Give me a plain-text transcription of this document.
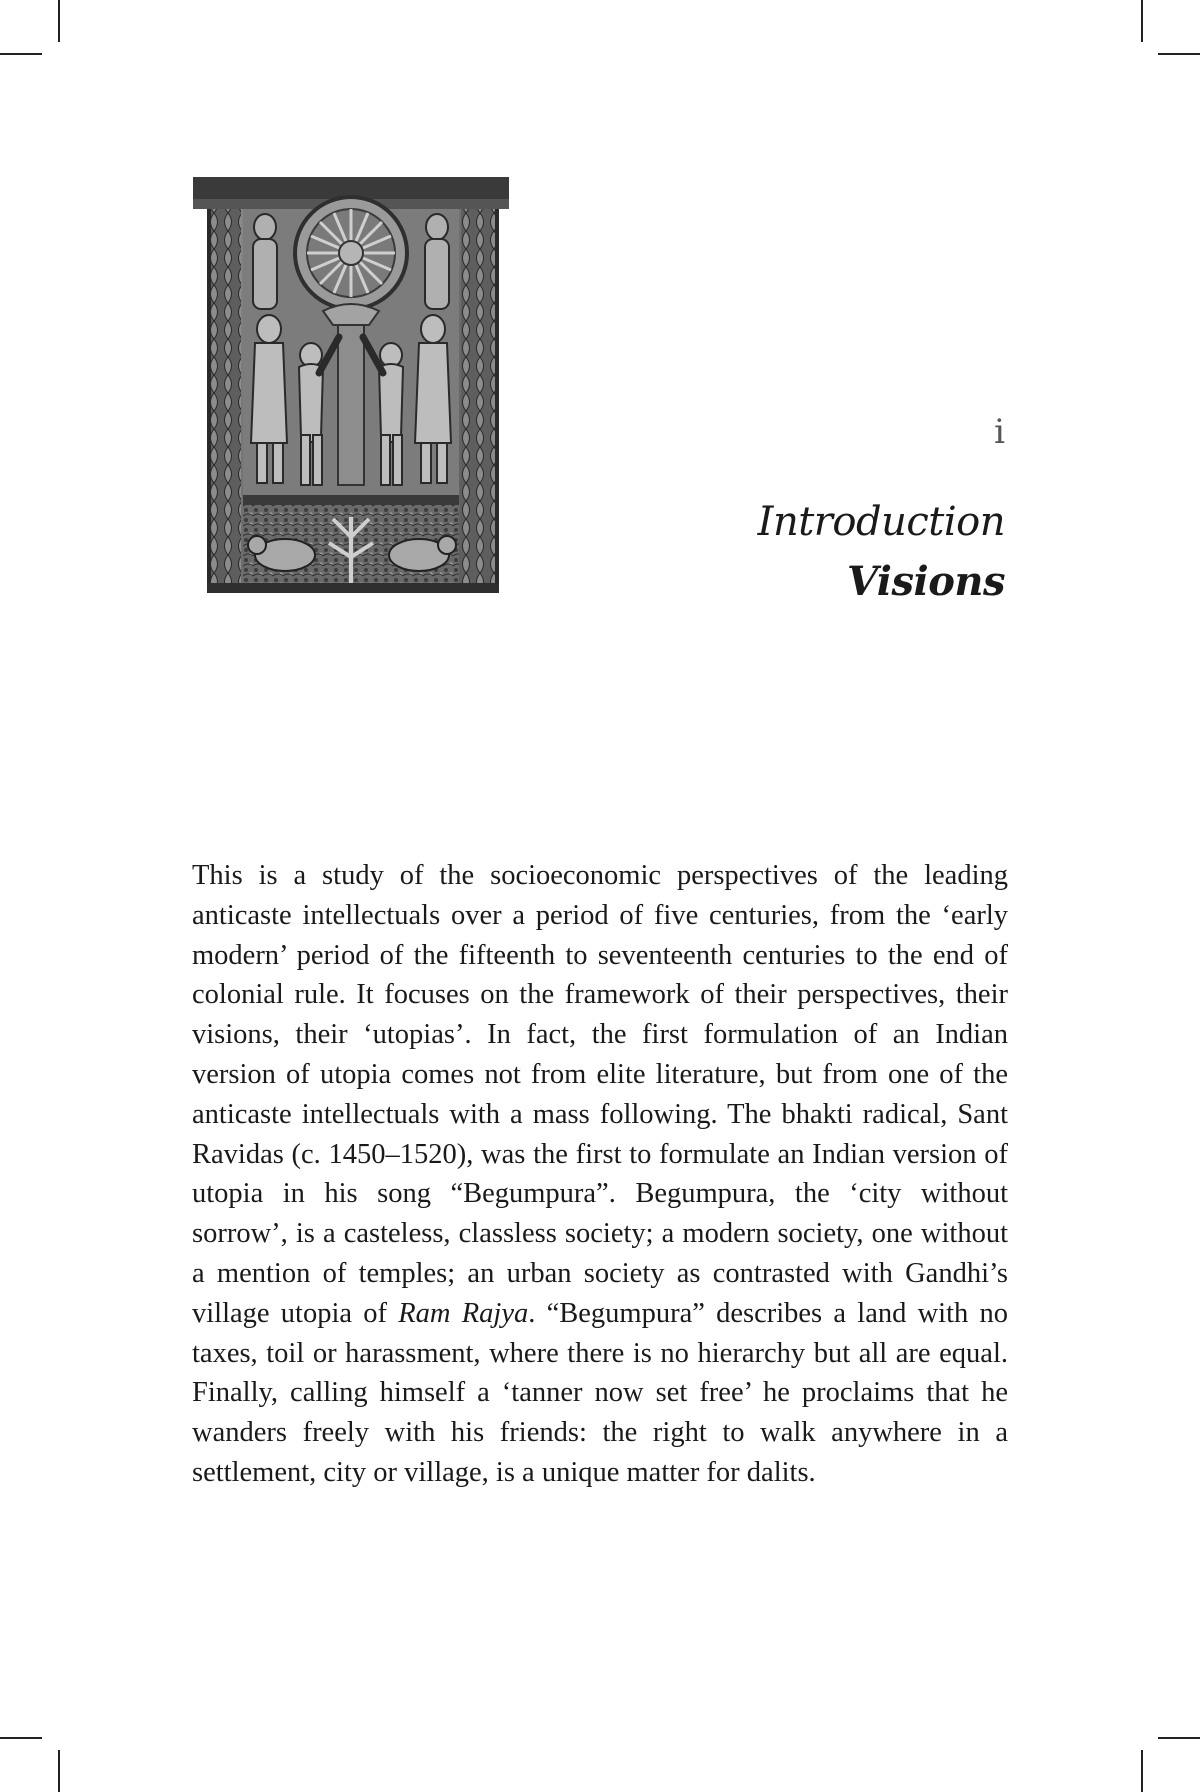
i
Introduction
Visions

This is a study of the socioeconomic perspectives of the leading anticaste intellectuals over a period of five centuries, from the ‘early modern’ period of the fifteenth to seventeenth centuries to the end of colonial rule. It focuses on the framework of their perspectives, their visions, their ‘utopias’. In fact, the first formulation of an Indian version of utopia comes not from elite literature, but from one of the anticaste intellectuals with a mass following. The bhakti radical, Sant Ravidas (c. 1450–1520), was the first to formulate an Indian version of utopia in his song “Begumpura”. Begumpura, the ‘city without sorrow’, is a casteless, classless society; a modern society, one without a mention of temples; an urban society as contrasted with Gandhi’s village utopia of Ram Rajya. “Begumpura” describes a land with no taxes, toil or harassment, where there is no hierarchy but all are equal. Finally, calling himself a ‘tanner now set free’ he proclaims that he wanders freely with his friends: the right to walk anywhere in a settlement, city or village, is a unique matter for dalits.
